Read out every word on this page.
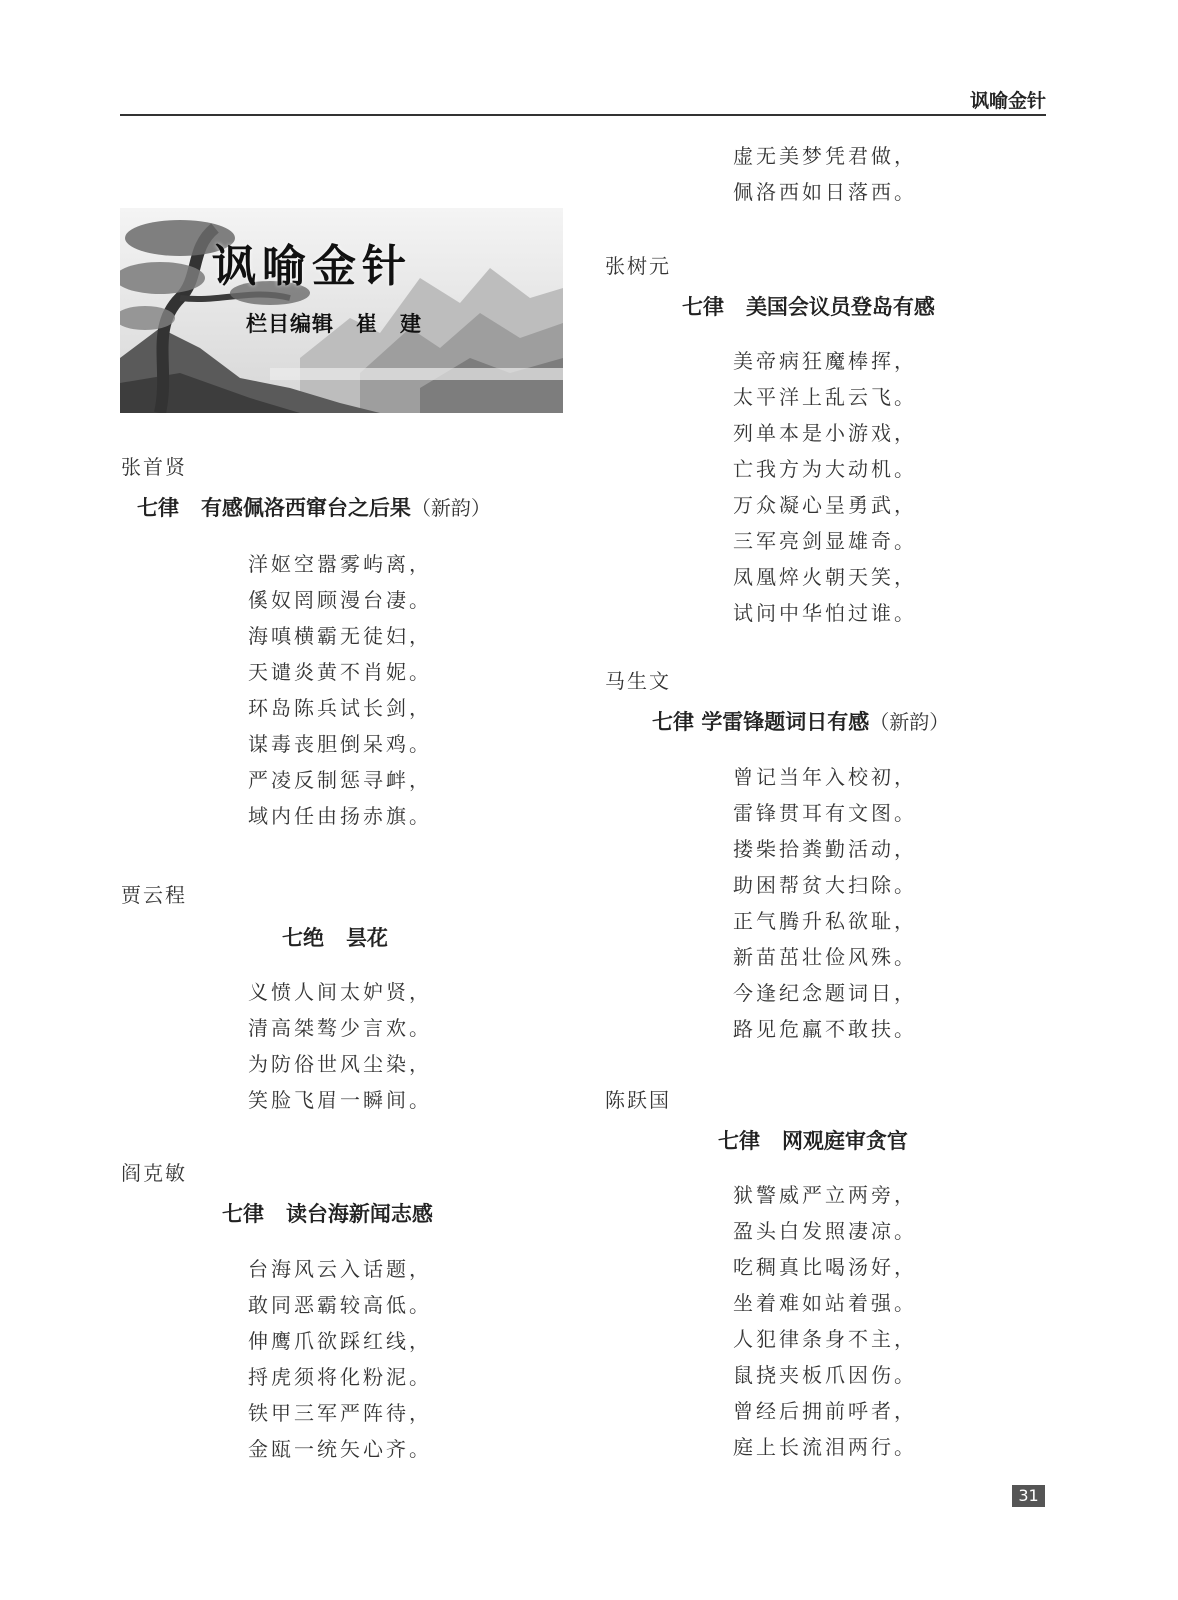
讽喻金针
讽喻金针
栏目编辑　崔　建
张首贤
七律 有感佩洛西窜台之后果（新韵）
洋妪空嚣雾屿离，
傒奴罔顾漫台凄。
海嗔横霸无徒妇，
天谴炎黄不肖妮。
环岛陈兵试长剑，
谋毒丧胆倒呆鸡。
严凌反制惩寻衅，
域内任由扬赤旗。
贾云程
七绝 昙花
义愤人间太妒贤，
清高桀骜少言欢。
为防俗世风尘染，
笑脸飞眉一瞬间。
阎克敏
七律 读台海新闻志感
台海风云入话题，
敢同恶霸较高低。
伸鹰爪欲踩红线，
捋虎须将化粉泥。
铁甲三军严阵待，
金瓯一统矢心齐。
虚无美梦凭君做，
佩洛西如日落西。
张树元
七律 美国会议员登岛有感
美帝病狂魔棒挥，
太平洋上乱云飞。
列单本是小游戏，
亡我方为大动机。
万众凝心呈勇武，
三军亮剑显雄奇。
凤凰焠火朝天笑，
试问中华怕过谁。
马生文
七律 学雷锋题词日有感（新韵）
曾记当年入校初，
雷锋贯耳有文图。
搂柴拾粪勤活动，
助困帮贫大扫除。
正气腾升私欲耻，
新苗茁壮俭风殊。
今逢纪念题词日，
路见危羸不敢扶。
陈跃国
七律 网观庭审贪官
狱警威严立两旁，
盈头白发照凄凉。
吃稠真比喝汤好，
坐着难如站着强。
人犯律条身不主，
鼠挠夹板爪因伤。
曾经后拥前呼者，
庭上长流泪两行。
31
